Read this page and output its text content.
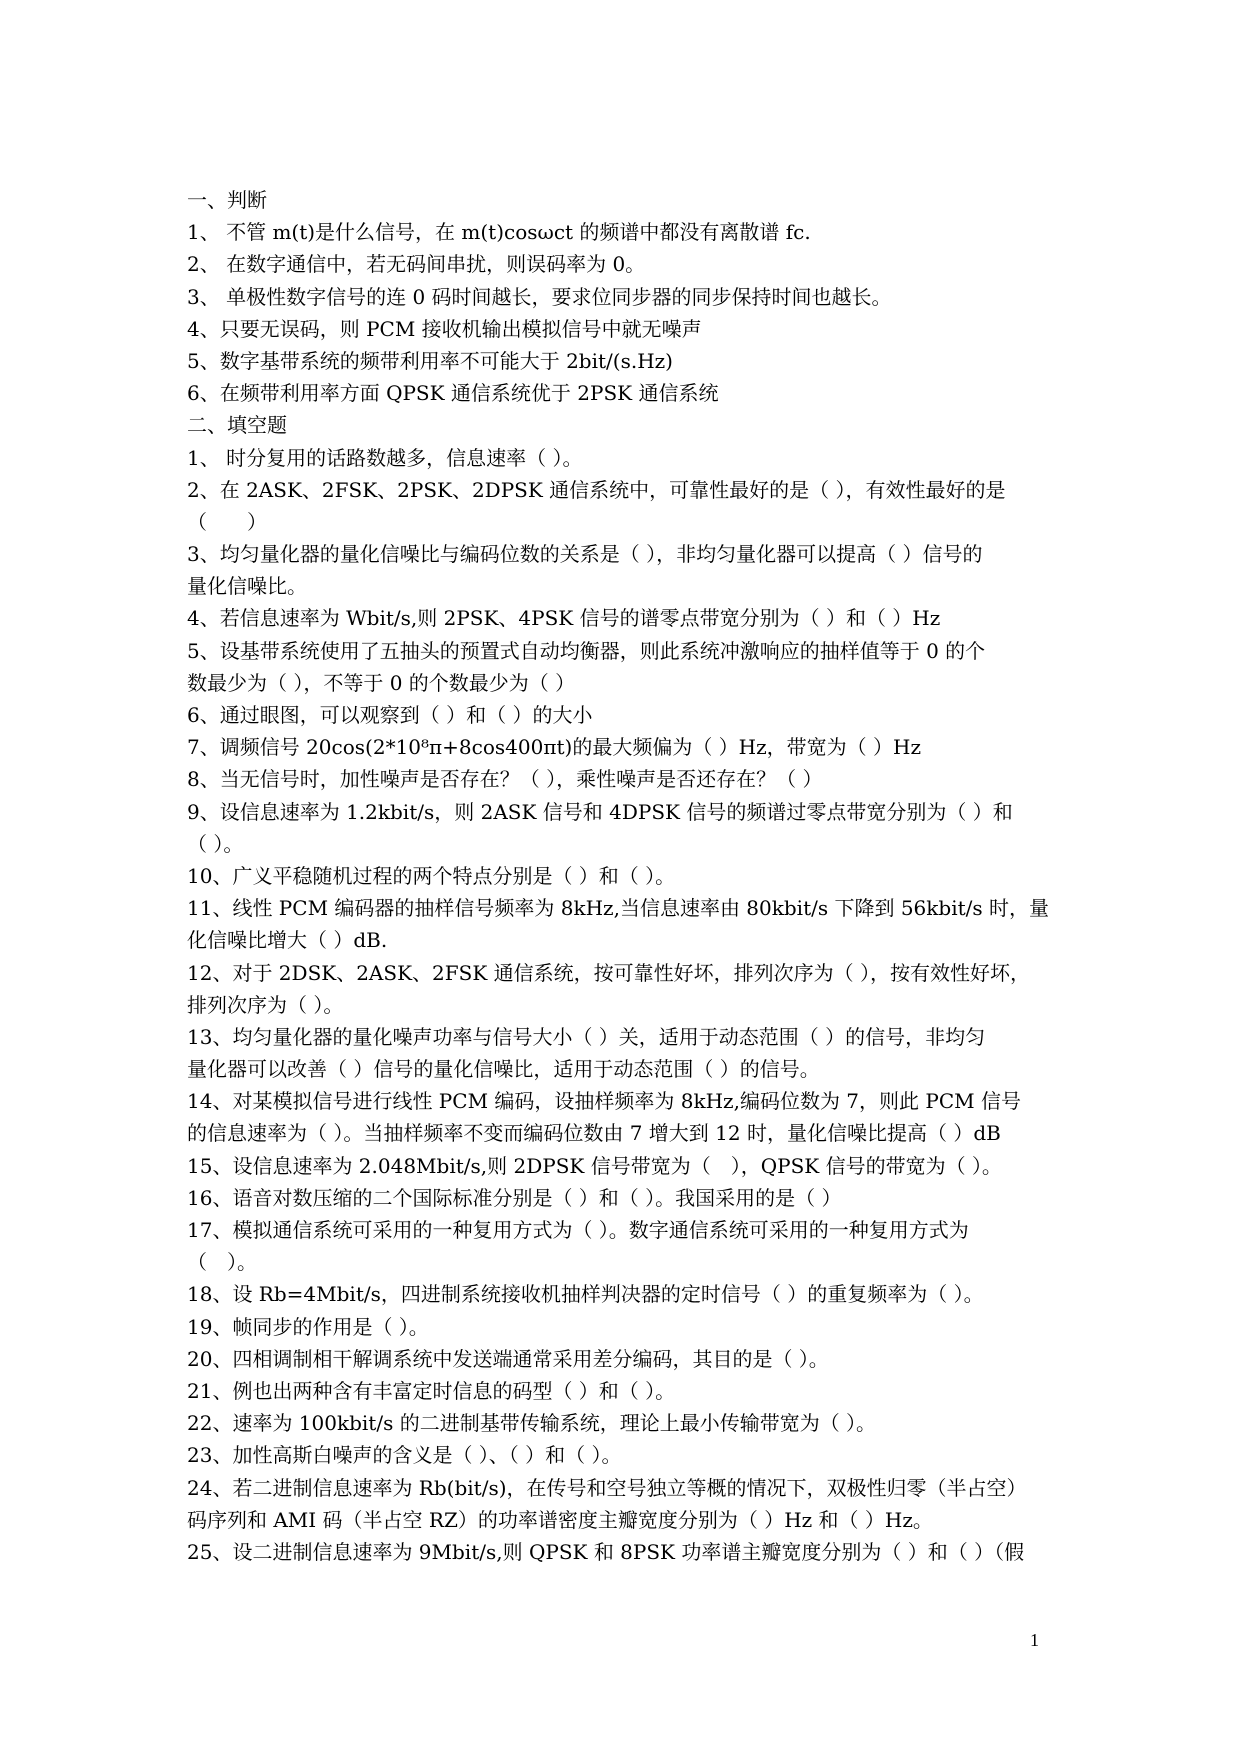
一、判断
1、 不管 m(t)是什么信号，在 m(t)cosωct 的频谱中都没有离散谱 fc.
2、 在数字通信中，若无码间串扰，则误码率为 0。
3、 单极性数字信号的连 0 码时间越长，要求位同步器的同步保持时间也越长。
4、只要无误码，则 PCM 接收机输出模拟信号中就无噪声
5、数字基带系统的频带利用率不可能大于 2bit/(s.Hz)
6、在频带利用率方面 QPSK 通信系统优于 2PSK 通信系统
二、填空题
1、 时分复用的话路数越多，信息速率（ ）。
2、在 2ASK、2FSK、2PSK、2DPSK 通信系统中，可靠性最好的是（ ），有效性最好的是
（　　）
3、均匀量化器的量化信噪比与编码位数的关系是（ ），非均匀量化器可以提高（ ）信号的
量化信噪比。
4、若信息速率为 Wbit/s,则 2PSK、4PSK 信号的谱零点带宽分别为（ ）和（ ）Hz
5、设基带系统使用了五抽头的预置式自动均衡器，则此系统冲激响应的抽样值等于 0 的个
数最少为（ ），不等于 0 的个数最少为（ ）
6、通过眼图，可以观察到（ ）和（ ）的大小
7、调频信号 20cos(2*10⁸π+8cos400πt)的最大频偏为（ ）Hz，带宽为（ ）Hz
8、当无信号时，加性噪声是否存在？（ ），乘性噪声是否还存在？（ ）
9、设信息速率为 1.2kbit/s，则 2ASK 信号和 4DPSK 信号的频谱过零点带宽分别为（ ）和
（ ）。
10、广义平稳随机过程的两个特点分别是（ ）和（ ）。
11、线性 PCM 编码器的抽样信号频率为 8kHz,当信息速率由 80kbit/s 下降到 56kbit/s 时，量
化信噪比增大（ ）dB.
12、对于 2DSK、2ASK、2FSK 通信系统，按可靠性好坏，排列次序为（ ），按有效性好坏，
排列次序为（ ）。
13、均匀量化器的量化噪声功率与信号大小（ ）关，适用于动态范围（ ）的信号，非均匀
量化器可以改善（ ）信号的量化信噪比，适用于动态范围（ ）的信号。
14、对某模拟信号进行线性 PCM 编码，设抽样频率为 8kHz,编码位数为 7，则此 PCM 信号
的信息速率为（ ）。当抽样频率不变而编码位数由 7 增大到 12 时，量化信噪比提高（ ）dB
15、设信息速率为 2.048Mbit/s,则 2DPSK 信号带宽为（　），QPSK 信号的带宽为（ ）。
16、语音对数压缩的二个国际标准分别是（ ）和（ ）。我国采用的是（ ）
17、模拟通信系统可采用的一种复用方式为（ ）。数字通信系统可采用的一种复用方式为
（　）。
18、设 Rb=4Mbit/s，四进制系统接收机抽样判决器的定时信号（ ）的重复频率为（ ）。
19、帧同步的作用是（ ）。
20、四相调制相干解调系统中发送端通常采用差分编码，其目的是（ ）。
21、例也出两种含有丰富定时信息的码型（ ）和（ ）。
22、速率为 100kbit/s 的二进制基带传输系统，理论上最小传输带宽为（ ）。
23、加性高斯白噪声的含义是（ ）、（ ）和（ ）。
24、若二进制信息速率为 Rb(bit/s)，在传号和空号独立等概的情况下，双极性归零（半占空）
码序列和 AMI 码（半占空 RZ）的功率谱密度主瓣宽度分别为（ ）Hz 和（ ）Hz。
25、设二进制信息速率为 9Mbit/s,则 QPSK 和 8PSK 功率谱主瓣宽度分别为（ ）和（ ）（假
1
